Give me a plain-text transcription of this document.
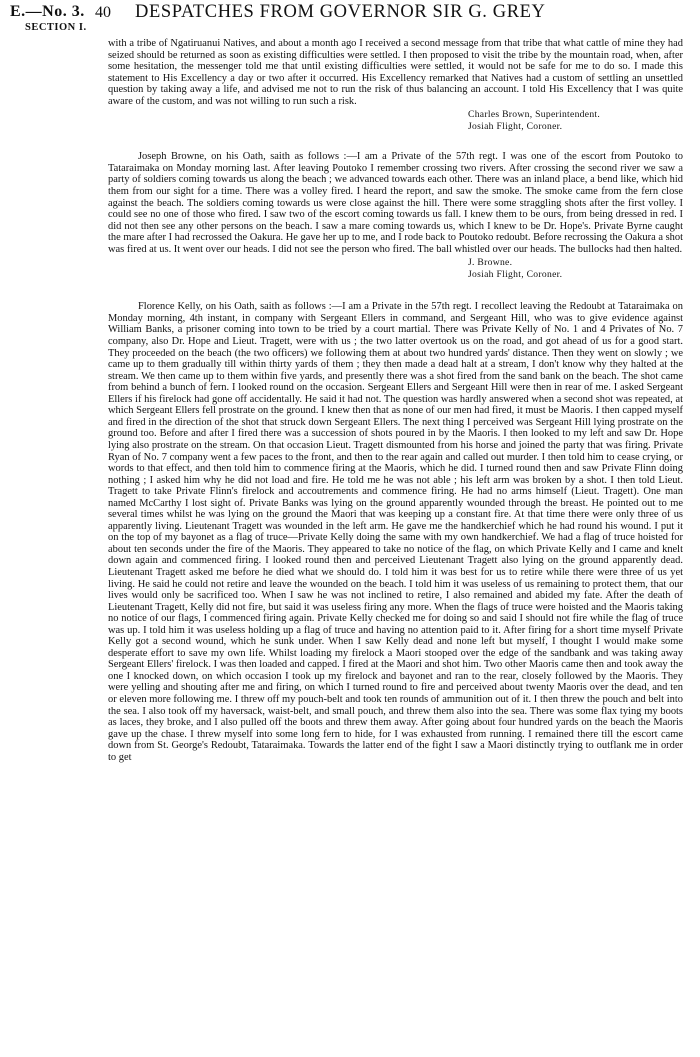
E.—No. 3. 40 DESPATCHES FROM GOVERNOR SIR G. GREY
SECTION I.

with a tribe of Ngatiruanui Natives, and about a month ago I received a second message from that tribe that what cattle of mine they had seized should be returned as soon as existing difficulties were settled. I then proposed to visit the tribe by the mountain road, when, after some hesitation, the messenger told me that until existing difficulties were settled, it would not be safe for me to do so. I made this statement to His Excellency a day or two after it occurred. His Excellency remarked that Natives had a custom of settling an unsettled question by taking away a life, and advised me not to run the risk of thus balancing an account. I told His Excellency that I was quite aware of the custom, and was not willing to run such a risk.

Charles Brown, Superintendent.
Josiah Flight, Coroner.

Joseph Browne, on his Oath, saith as follows :—I am a Private of the 57th regt. I was one of the escort from Poutoko to Tataraimaka on Monday morning last. After leaving Poutoko I remember crossing two rivers. After crossing the second river we saw a party of soldiers coming towards us along the beach ; we advanced towards each other. There was an inland place, a bend like, which hid them from our sight for a time. There was a volley fired. I heard the report, and saw the smoke. The smoke came from the fern close against the beach. The soldiers coming towards us were close against the hill. There were some straggling shots after the first volley. I could see no one of those who fired. I saw two of the escort coming towards us fall. I knew them to be ours, from being dressed in red. I did not then see any other persons on the beach. I saw a mare coming towards us, which I knew to be Dr. Hope's. Private Byrne caught the mare after I had recrossed the Oakura. He gave her up to me, and I rode back to Poutoko redoubt. Before recrossing the Oakura a shot was fired at us. It went over our heads. I did not see the person who fired. The ball whistled over our heads. The bullocks had then halted.

J. Browne.
Josiah Flight, Coroner.

Florence Kelly, on his Oath, saith as follows :—I am a Private in the 57th regt. I recollect leaving the Redoubt at Tataraimaka on Monday morning, 4th instant, in company with Sergeant Ellers in command, and Sergeant Hill, who was to give evidence against William Banks, a prisoner coming into town to be tried by a court martial. There was Private Kelly of No. 1 and 4 Privates of No. 7 company, also Dr. Hope and Lieut. Tragett, were with us ; the two latter overtook us on the road, and got ahead of us for a good start. They proceeded on the beach (the two officers) we following them at about two hundred yards' distance. Then they went on slowly ; we came up to them gradually till within thirty yards of them ; they then made a dead halt at a stream, I don't know why they halted at the stream. We then came up to them within five yards, and presently there was a shot fired from the sand bank on the beach. The shot came from behind a bunch of fern. I looked round on the occasion. Sergeant Ellers and Sergeant Hill were then in rear of me. I asked Sergeant Ellers if his firelock had gone off accidentally. He said it had not. The question was hardly answered when a second shot was repeated, at which Sergeant Ellers fell prostrate on the ground. I knew then that as none of our men had fired, it must be Maoris. I then capped myself and fired in the direction of the shot that struck down Sergeant Ellers. The next thing I perceived was Sergeant Hill lying prostrate on the ground too. Before and after I fired there was a succession of shots poured in by the Maoris. I then looked to my left and saw Dr. Hope lying also prostrate on the stream. On that occasion Lieut. Tragett dismounted from his horse and joined the party that was firing. Private Ryan of No. 7 company went a few paces to the front, and then to the rear again and called out murder. I then told him to cease crying, or words to that effect, and then told him to commence firing at the Maoris, which he did. I turned round then and saw Private Flinn doing nothing ; I asked him why he did not load and fire. He told me he was not able ; his left arm was broken by a shot. I then told Lieut. Tragett to take Private Flinn's firelock and accoutrements and commence firing. He had no arms himself (Lieut. Tragett). One man named McCarthy I lost sight of. Private Banks was lying on the ground apparently wounded through the breast. He pointed out to me several times whilst he was lying on the ground the Maori that was keeping up a constant fire. At that time there were only three of us apparently living. Lieutenant Tragett was wounded in the left arm. He gave me the handkerchief which he had round his wound. I put it on the top of my bayonet as a flag of truce—Private Kelly doing the same with my own handkerchief. We had a flag of truce hoisted for about ten seconds under the fire of the Maoris. They appeared to take no notice of the flag, on which Private Kelly and I came and knelt down again and commenced firing. I looked round then and perceived Lieutenant Tragett also lying on the ground apparently dead. Lieutenant Tragett asked me before he died what we should do. I told him it was best for us to retire while there were three of us yet living. He said he could not retire and leave the wounded on the beach. I told him it was useless of us remaining to protect them, that our lives would only be sacrificed too. When I saw he was not inclined to retire, I also remained and abided my fate. After the death of Lieutenant Tragett, Kelly did not fire, but said it was useless firing any more. When the flags of truce were hoisted and the Maoris taking no notice of our flags, I commenced firing again. Private Kelly checked me for doing so and said I should not fire while the flag of truce was up. I told him it was useless holding up a flag of truce and having no attention paid to it. After firing for a short time myself Private Kelly got a second wound, which he sunk under. When I saw Kelly dead and none left but myself, I thought I would make some desperate effort to save my own life. Whilst loading my firelock a Maori stooped over the edge of the sandbank and was taking away Sergeant Ellers' firelock. I was then loaded and capped. I fired at the Maori and shot him. Two other Maoris came then and took away the one I knocked down, on which occasion I took up my firelock and bayonet and ran to the rear, closely followed by the Maoris. They were yelling and shouting after me and firing, on which I turned round to fire and perceived about twenty Maoris over the dead, and ten or eleven more following me. I threw off my pouch-belt and took ten rounds of ammunition out of it. I then threw the pouch and belt into the sea. I also took off my haversack, waist-belt, and small pouch, and threw them also into the sea. There was some flax tying my boots as laces, they broke, and I also pulled off the boots and threw them away. After going about four hundred yards on the beach the Maoris gave up the chase. I threw myself into some long fern to hide, for I was exhausted from running. I remained there till the escort came down from St. George's Redoubt, Tataraimaka. Towards the latter end of the fight I saw a Maori distinctly trying to outflank me in order to get
